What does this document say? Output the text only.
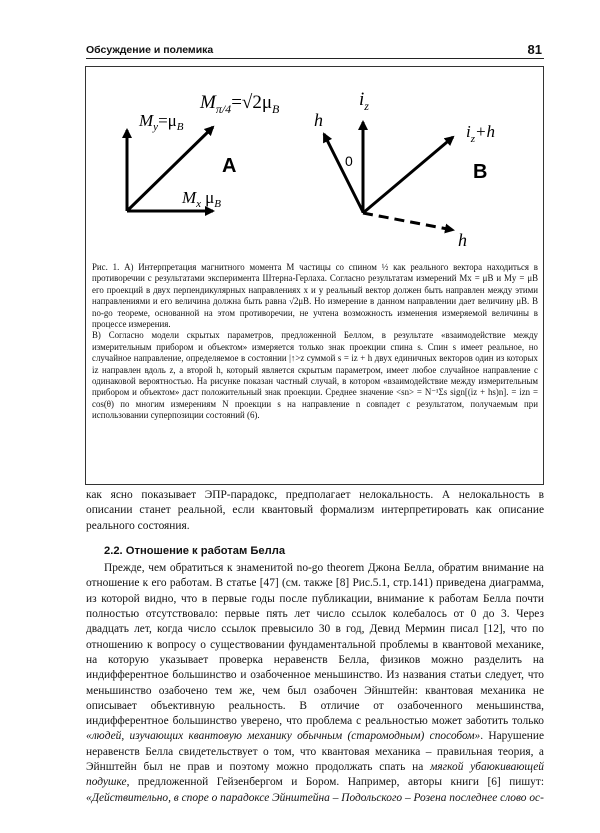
Обсуждение и полемика	81
$M_{\pi/4}=√2\mu_B$
$M_y=\mu_B$
$M_x$ $\mu_B$
A
$i_z$
h
$i_z+h$
h
0	B

Рис. 1. А) Интерпретация магнитного момента M частицы со спином ½ как реального вектора находиться в противоречии с результатами эксперимента Штерна-Герлаха. Согласно результатам измерений Mx = μB и My = μB его проекций в двух перпендикулярных направлениях x и y реальный вектор должен быть направлен между этими направлениями и его величина должна быть равна √2μB. Но измерение в данном направлении дает величину μB. В no-go теореме, основанной на этом противоречии, не учтена возможность изменения измеряемой величины в процессе измерения.

В) Согласно модели скрытых параметров, предложенной Беллом, в результате «взаимодействие между измерительным прибором и объектом» измеряется только знак проекции спина s. Спин s имеет реальное, но случайное направление, определяемое в состоянии |↑>z суммой s = iz + h двух единичных векторов один из которых iz направлен вдоль z, а второй h, который является скрытым параметром, имеет любое случайное направление с одинаковой вероятностью. На рисунке показан частный случай, в котором «взаимодействие между измерительным прибором и объектом» даст положительный знак проекции. Среднее значение <sn> = N⁻¹Σs sign[(iz + hs)n]. = izn = cos(θ) по многим измерениям N проекции s на направление n совпадет с результатом, получаемым при использовании суперпозиции состояний (6).

как ясно показывает ЭПР-парадокс, предполагает нелокальность. А нелокальность в описании станет реальной, если квантовый формализм интерпретировать как описание реального состояния.

2.2. Отношение к работам Белла

Прежде, чем обратиться к знаменитой no-go theorem Джона Белла, обратим внимание на отношение к его работам. В статье [47] (см. также [8] Рис.5.1, стр.141) приведена диаграмма, из которой видно, что в первые годы после публикации, внимание к работам Белла почти полностью отсутствовало: первые пять лет число ссылок колебалось от 0 до 3. Через двадцать лет, когда число ссылок превысило 30 в год, Девид Мермин писал [12], что по отношению к вопросу о существовании фундаментальной проблемы в квантовой механике, на которую указывает проверка неравенств Белла, физиков можно разделить на индифферентное большинство и озабоченное меньшинство. Из названия статьи следует, что меньшинство озабочено тем же, чем был озабочен Эйнштейн: квантовая механика не описывает объективную реальность. В отличие от озабоченного меньшинства, индифферентное большинство уверено, что проблема с реальностью может заботить только «людей, изучающих квантовую механику обычным (старомодным) способом». Нарушение неравенств Белла свидетельствует о том, что квантовая механика – правильная теория, а Эйнштейн был не прав и поэтому можно продолжать спать на мягкой убаюкивающей подушке, предложенной Гейзенбергом и Бором. Например, авторы книги [6] пишут: «Действительно, в споре о парадоксе Эйнштейна – Подольского – Розена последнее слово ос-
